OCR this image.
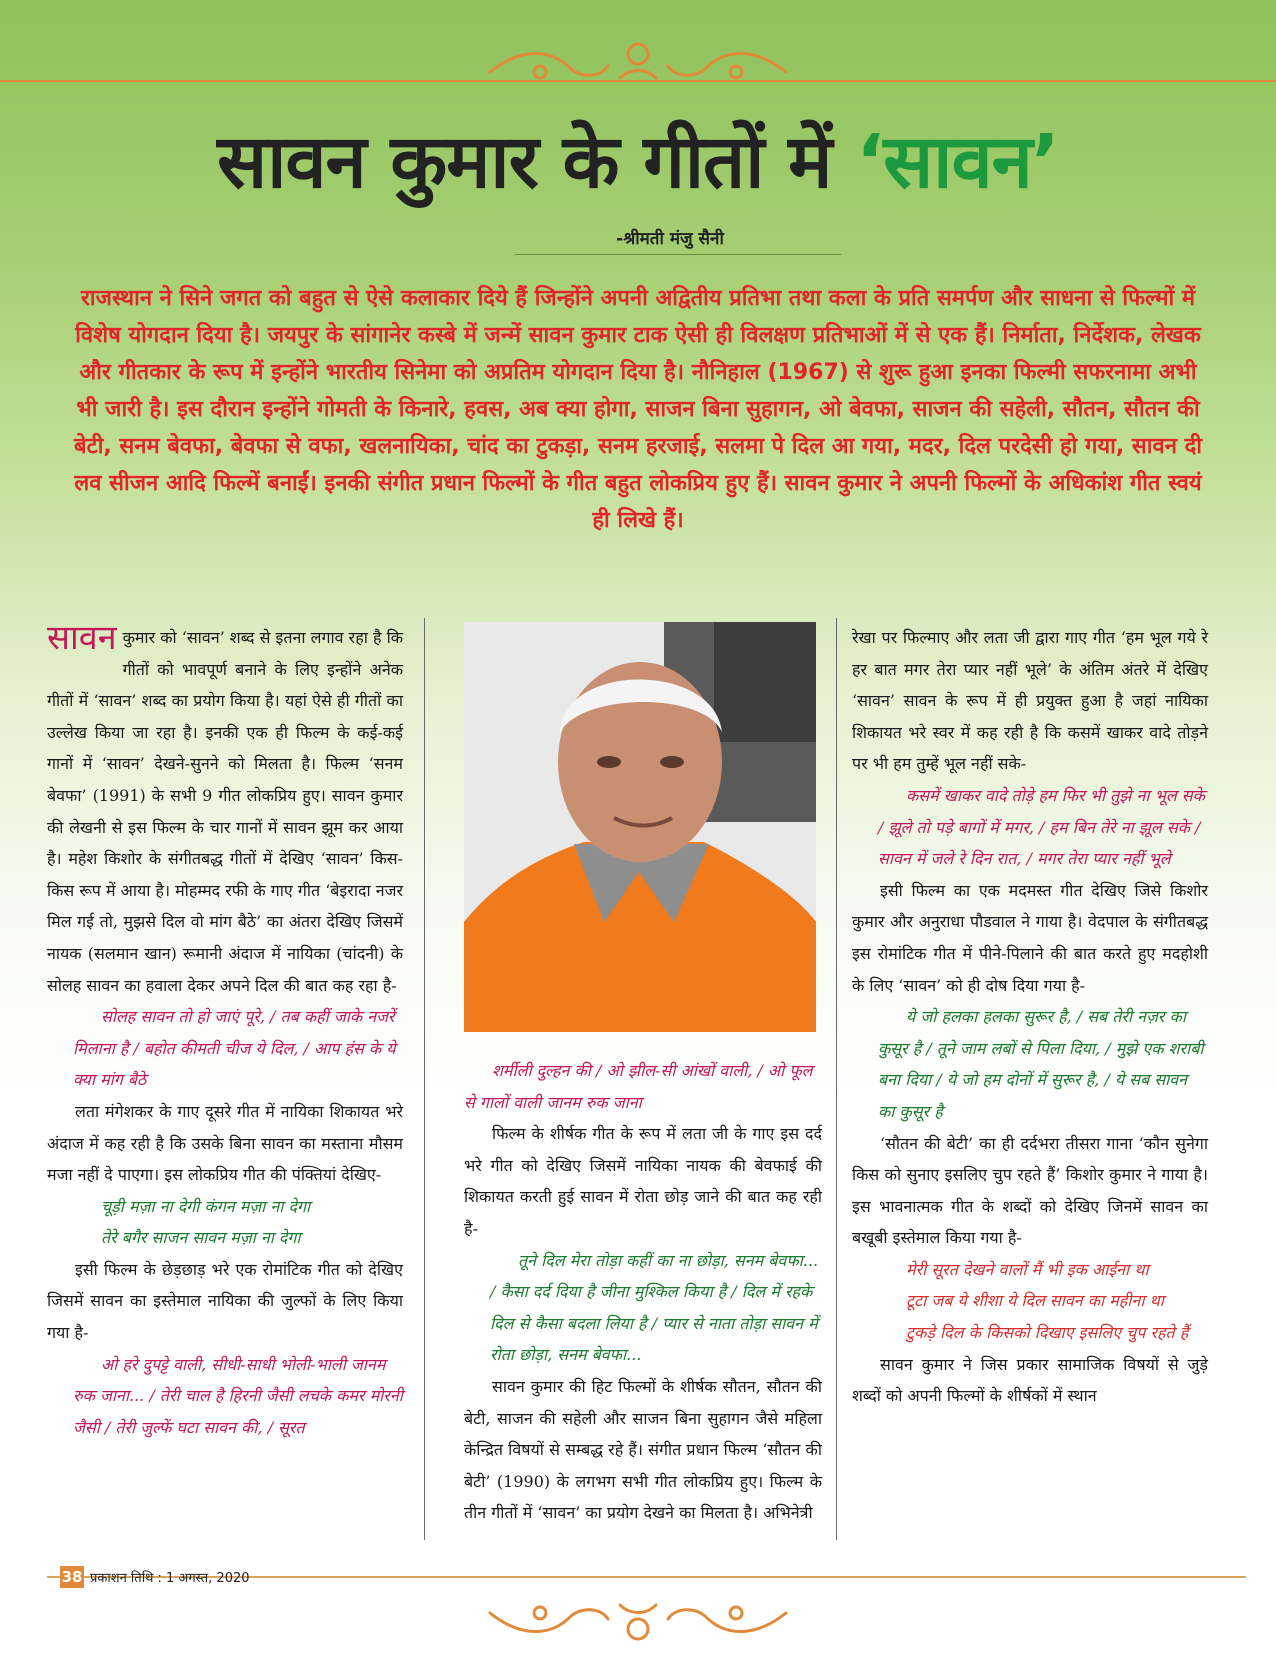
सावन कुमार के गीतों में ‘सावन’
-श्रीमती मंजु सैनी
राजस्थान ने सिने जगत को बहुत से ऐसे कलाकार दिये हैं जिन्होंने अपनी अद्वितीय प्रतिभा तथा कला के प्रति समर्पण और साधना से फिल्मों में विशेष योगदान दिया है। जयपुर के सांगानेर कस्बे में जन्में सावन कुमार टाक ऐसी ही विलक्षण प्रतिभाओं में से एक हैं। निर्माता, निर्देशक, लेखक और गीतकार के रूप में इन्होंने भारतीय सिनेमा को अप्रतिम योगदान दिया है। नौनिहाल (1967) से शुरू हुआ इनका फिल्मी सफरनामा अभी भी जारी है। इस दौरान इन्होंने गोमती के किनारे, हवस, अब क्या होगा, साजन बिना सुहागन, ओ बेवफा, साजन की सहेली, सौतन, सौतन की बेटी, सनम बेवफा, बेवफा से वफा, खलनायिका, चांद का टुकड़ा, सनम हरजाई, सलमा पे दिल आ गया, मदर, दिल परदेसी हो गया, सावन दी लव सीजन आदि फिल्में बनाईं। इनकी संगीत प्रधान फिल्मों के गीत बहुत लोकप्रिय हुए हैं। सावन कुमार ने अपनी फिल्मों के अधिकांश गीत स्वयं ही लिखे हैं।

सावन कुमार को ‘सावन’ शब्द से इतना लगाव रहा है कि गीतों को भावपूर्ण बनाने के लिए इन्होंने अनेक गीतों में ‘सावन’ शब्द का प्रयोग किया है। यहां ऐसे ही गीतों का उल्लेख किया जा रहा है। इनकी एक ही फिल्म के कई-कई गानों में ‘सावन’ देखने-सुनने को मिलता है। फिल्म ‘सनम बेवफा’ (1991) के सभी 9 गीत लोकप्रिय हुए। सावन कुमार की लेखनी से इस फिल्म के चार गानों में सावन झूम कर आया है। महेश किशोर के संगीतबद्ध गीतों में देखिए ‘सावन’ किस-किस रूप में आया है। मोहम्मद रफी के गाए गीत ‘बेइरादा नजर मिल गई तो, मुझसे दिल वो मांग बैठे’ का अंतरा देखिए जिसमें नायक (सलमान खान) रूमानी अंदाज में नायिका (चांदनी) के सोलह सावन का हवाला देकर अपने दिल की बात कह रहा है-

सोलह सावन तो हो जाएं पूरे, / तब कहीं जाके नजरें मिलाना है / बहोत कीमती चीज ये दिल, / आप हंस के ये क्या मांग बैठे

लता मंगेशकर के गाए दूसरे गीत में नायिका शिकायत भरे अंदाज में कह रही है कि उसके बिना सावन का मस्ताना मौसम मजा नहीं दे पाएगा। इस लोकप्रिय गीत की पंक्तियां देखिए-

चूड़ी मज़ा ना देगी कंगन मज़ा ना देगा

तेरे बगैर साजन सावन मज़ा ना देगा

इसी फिल्म के छेड़छाड़ भरे एक रोमांटिक गीत को देखिए जिसमें सावन का इस्तेमाल नायिका की जुल्फों के लिए किया गया है-

ओ हरे दुपट्टे वाली, सीधी-साधी भोली-भाली जानम रुक जाना... / तेरी चाल है हिरनी जैसी लचके कमर मोरनी जैसी / तेरी जुल्फें घटा सावन की, / सूरत

शर्मीली दुल्हन की / ओ झील-सी आंखों वाली, / ओ फूल से गालों वाली जानम रुक जाना

फिल्म के शीर्षक गीत के रूप में लता जी के गाए इस दर्द भरे गीत को देखिए जिसमें नायिका नायक की बेवफाई की शिकायत करती हुई सावन में रोता छोड़ जाने की बात कह रही है-

तूने दिल मेरा तोड़ा कहीं का ना छोड़ा, सनम बेवफा... / कैसा दर्द दिया है जीना मुश्किल किया है / दिल में रहके दिल से कैसा बदला लिया है / प्यार से नाता तोड़ा सावन में रोता छोड़ा, सनम बेवफा...

सावन कुमार की हिट फिल्मों के शीर्षक सौतन, सौतन की बेटी, साजन की सहेली और साजन बिना सुहागन जैसे महिला केन्द्रित विषयों से सम्बद्ध रहे हैं। संगीत प्रधान फिल्म ‘सौतन की बेटी’ (1990) के लगभग सभी गीत लोकप्रिय हुए। फिल्म के तीन गीतों में ‘सावन’ का प्रयोग देखने का मिलता है। अभिनेत्री

रेखा पर फिल्माए और लता जी द्वारा गाए गीत ‘हम भूल गये रे हर बात मगर तेरा प्यार नहीं भूले’ के अंतिम अंतरे में देखिए ‘सावन’ सावन के रूप में ही प्रयुक्त हुआ है जहां नायिका शिकायत भरे स्वर में कह रही है कि कसमें खाकर वादे तोड़ने पर भी हम तुम्हें भूल नहीं सके-

कसमें खाकर वादे तोड़े हम फिर भी तुझे ना भूल सके / झूले तो पड़े बागों में मगर, / हम बिन तेरे ना झूल सके / सावन में जले रे दिन रात, / मगर तेरा प्यार नहीं भूले

इसी फिल्म का एक मदमस्त गीत देखिए जिसे किशोर कुमार और अनुराधा पौडवाल ने गाया है। वेदपाल के संगीतबद्ध इस रोमांटिक गीत में पीने-पिलाने की बात करते हुए मदहोशी के लिए ‘सावन’ को ही दोष दिया गया है-

ये जो हलका हलका सुरूर है, / सब तेरी नज़र का कुसूर है / तूने जाम लबों से पिला दिया, / मुझे एक शराबी बना दिया / ये जो हम दोनों में सुरूर है, / ये सब सावन का कुसूर है

‘सौतन की बेटी’ का ही दर्दभरा तीसरा गाना ‘कौन सुनेगा किस को सुनाए इसलिए चुप रहते हैं’ किशोर कुमार ने गाया है। इस भावनात्मक गीत के शब्दों को देखिए जिनमें सावन का बखूबी इस्तेमाल किया गया है-

मेरी सूरत देखने वालों मैं भी इक आईना था

टूटा जब ये शीशा ये दिल सावन का महीना था

टुकड़े दिल के किसको दिखाए इसलिए चुप रहते हैं

सावन कुमार ने जिस प्रकार सामाजिक विषयों से जुड़े शब्दों को अपनी फिल्मों के शीर्षकों में स्थान

38 प्रकाशन तिथि : 1 अगस्त, 2020
